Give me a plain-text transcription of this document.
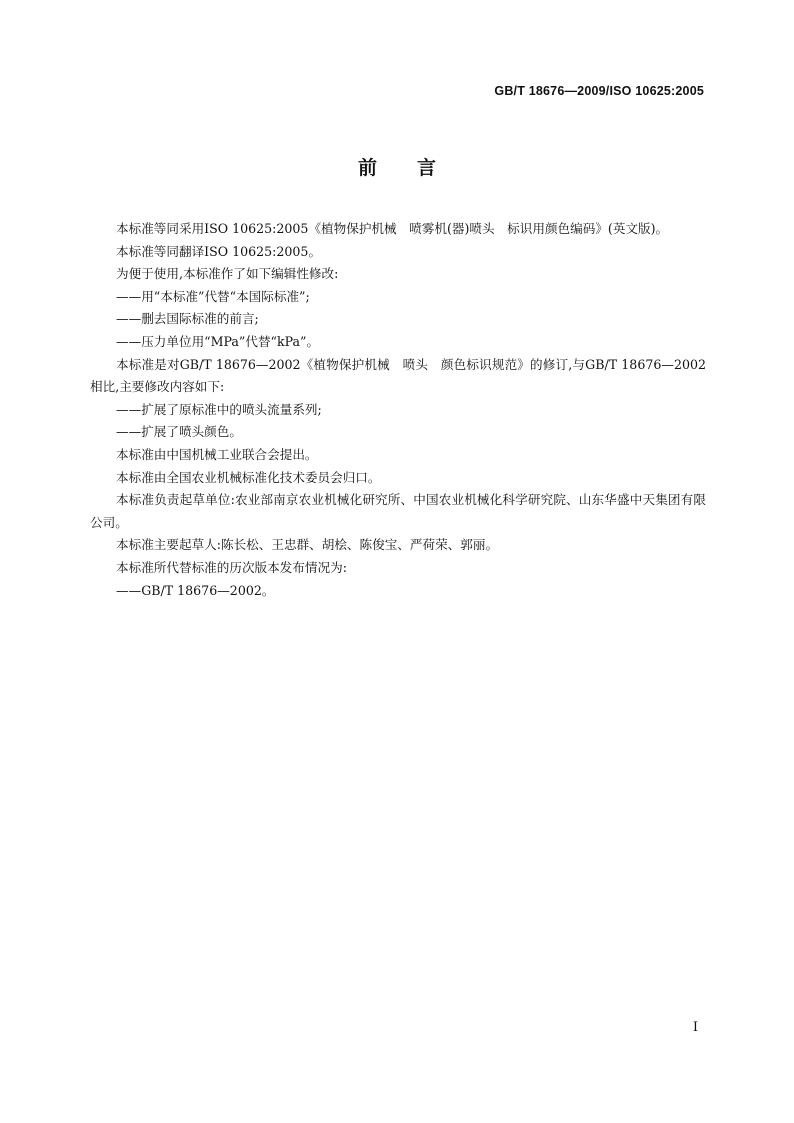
GB/T 18676—2009/ISO 10625:2005
前言

本标准等同采用ISO 10625:2005《植物保护机械　喷雾机(器)喷头　标识用颜色编码》(英文版)。

本标准等同翻译ISO 10625:2005。

为便于使用,本标准作了如下编辑性修改:

——用“本标准”代替“本国际标准”;

——删去国际标准的前言;

——压力单位用“MPa”代替“kPa”。

本标准是对GB/T 18676—2002《植物保护机械　喷头　颜色标识规范》的修订,与GB/T 18676—2002相比,主要修改内容如下:

——扩展了原标准中的喷头流量系列;

——扩展了喷头颜色。

本标准由中国机械工业联合会提出。

本标准由全国农业机械标准化技术委员会归口。

本标准负责起草单位:农业部南京农业机械化研究所、中国农业机械化科学研究院、山东华盛中天集团有限公司。

本标准主要起草人:陈长松、王忠群、胡桧、陈俊宝、严荷荣、郭丽。

本标准所代替标准的历次版本发布情况为:

——GB/T 18676—2002。

I
